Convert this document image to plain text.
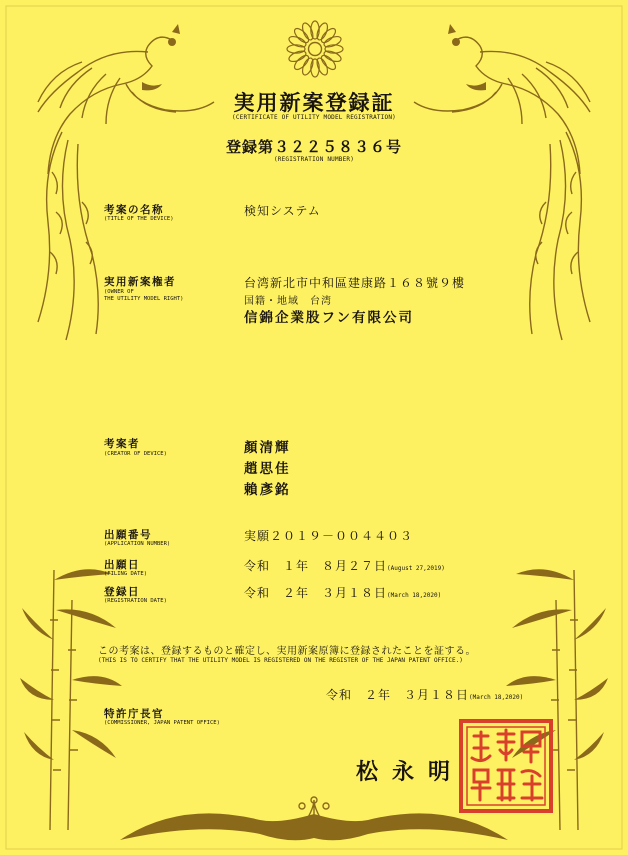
実用新案登録証
(CERTIFICATE OF UTILITY MODEL REGISTRATION)
登録第３２２５８３６号
(REGISTRATION NUMBER)
考案の名称
(TITLE OF THE DEVICE)
検知システム
実用新案権者
(OWNER OF
THE UTILITY MODEL RIGHT)
台湾新北市中和區建康路１６８號９樓
国籍・地域　台湾
信錦企業股フン有限公司
考案者
(CREATOR OF DEVICE)	顏清輝
趙思佳
賴彥銘
出願番号
(APPLICATION NUMBER)
実願２０１９－００４４０３
出願日
(FILING DATE)
令和　１年　８月２７日(August 27,2019)
登録日
(REGISTRATION DATE)
令和　２年　３月１８日(March 18,2020)
この考案は、登録するものと確定し、実用新案原簿に登録されたことを証する。
(THIS IS TO CERTIFY THAT THE UTILITY MODEL IS REGISTERED ON THE REGISTER OF THE JAPAN PATENT OFFICE.)
令和　２年　３月１８日(March 18,2020)
特許庁長官
(COMMISSIONER, JAPAN PATENT OFFICE)
松永明
